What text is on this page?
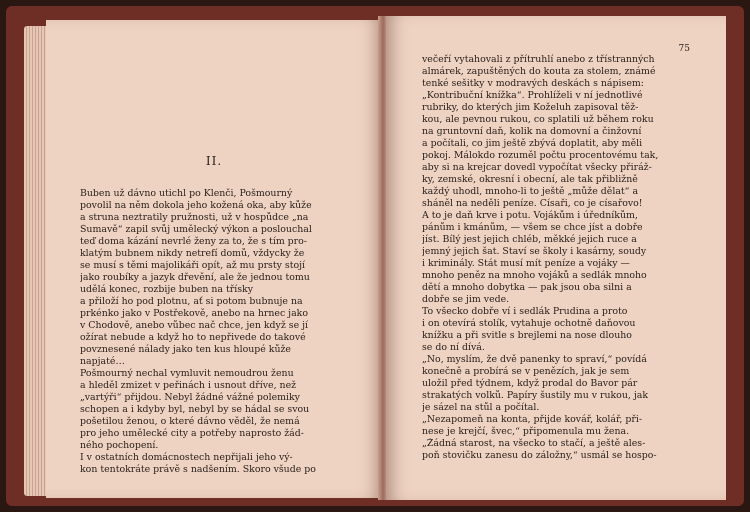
II.
Buben už dávno utichl po Klenči, Pošmourný
povolil na něm dokola jeho kožená oka, aby kůže
a struna neztratily pružnosti, už v hospůdce „na
Šumavě“ zapil svůj umělecký výkon a poslouchal
teď doma kázání nevrlé ženy za to, že s tím pro-
klatým bubnem nikdy netrefí domů, vždycky že
se musí s těmi majolikáři opít, až mu prsty stojí
jako roubíky a jazyk dřevění, ale že jednou tomu
udělá konec, rozbije buben na třísky
a přiloží ho pod plotnu, ať si potom bubnuje na
prkénko jako v Postřekově, anebo na hrnec jako
v Chodově, anebo vůbec nač chce, jen když se jí
ožírat nebude a když ho to nepřivede do takové
povznesené nálady jako ten kus hloupé kůže
napjaté…
Pošmourný nechal vymluvit nemoudrou ženu
a hleděl zmizet v peřinách i usnout dříve, než
„vartýři“ přijdou. Nebyl žádné vážné polemiky
schopen a i kdyby byl, nebyl by se hádal se svou
pošetilou ženou, o které dávno věděl, že nemá
pro jeho umělecké city a potřeby naprosto žád-
ného pochopení.
I v ostatních domácnostech nepřijali jeho vý-
kon tentokráte právě s nadšením. Skoro všude po
75
večeří vytahovali z přítruhlí anebo z třístranných
almárek, zapuštěných do kouta za stolem, známé
tenké sešitky v modravých deskách s nápisem:
„Kontribuční knížka“. Prohlíželi v ní jednotlivé
rubriky, do kterých jim Koželuh zapisoval těž-
kou, ale pevnou rukou, co splatili už během roku
na gruntovní daň, kolik na domovní a činžovní
a počítali, co jim ještě zbývá doplatit, aby měli
pokoj. Málokdo rozuměl počtu procentovému tak,
aby si na krejcar dovedl vypočítat všecky přiráž-
ky, zemské, okresní i obecní, ale tak přibližně
každý uhodl, mnoho-li to ještě „může dělat“ a
sháněl na neděli peníze. Císaři, co je císařovo!
A to je daň krve i potu. Vojákům i úředníkům,
pánům i kmánům, — všem se chce jíst a dobře
jíst. Bílý jest jejich chléb, měkké jejich ruce a
jemný jejich šat. Staví se školy i kasárny, soudy
i kriminály. Stát musí mít peníze a vojáky —
mnoho peněz na mnoho vojáků a sedlák mnoho
dětí a mnoho dobytka — pak jsou oba silni a
dobře se jim vede.
To všecko dobře ví i sedlák Prudina a proto
i on otevírá stolík, vytahuje ochotně daňovou
knížku a při svitle s brejlemi na nose dlouho
se do ní dívá.
„No, myslím, že dvě panenky to spraví,“ povídá
konečně a probírá se v penězích, jak je sem
uložil před týdnem, když prodal do Bavor pár
strakatých volků. Papíry šustily mu v rukou, jak
je sázel na stůl a počítal.
„Nezapomeň na konta, přijde kovář, kolář, při-
nese je krejčí, švec,“ připomenula mu žena.
„Žádná starost, na všecko to stačí, a ještě ales-
poň stovičku zanesu do záložny,“ usmál se hospo-
